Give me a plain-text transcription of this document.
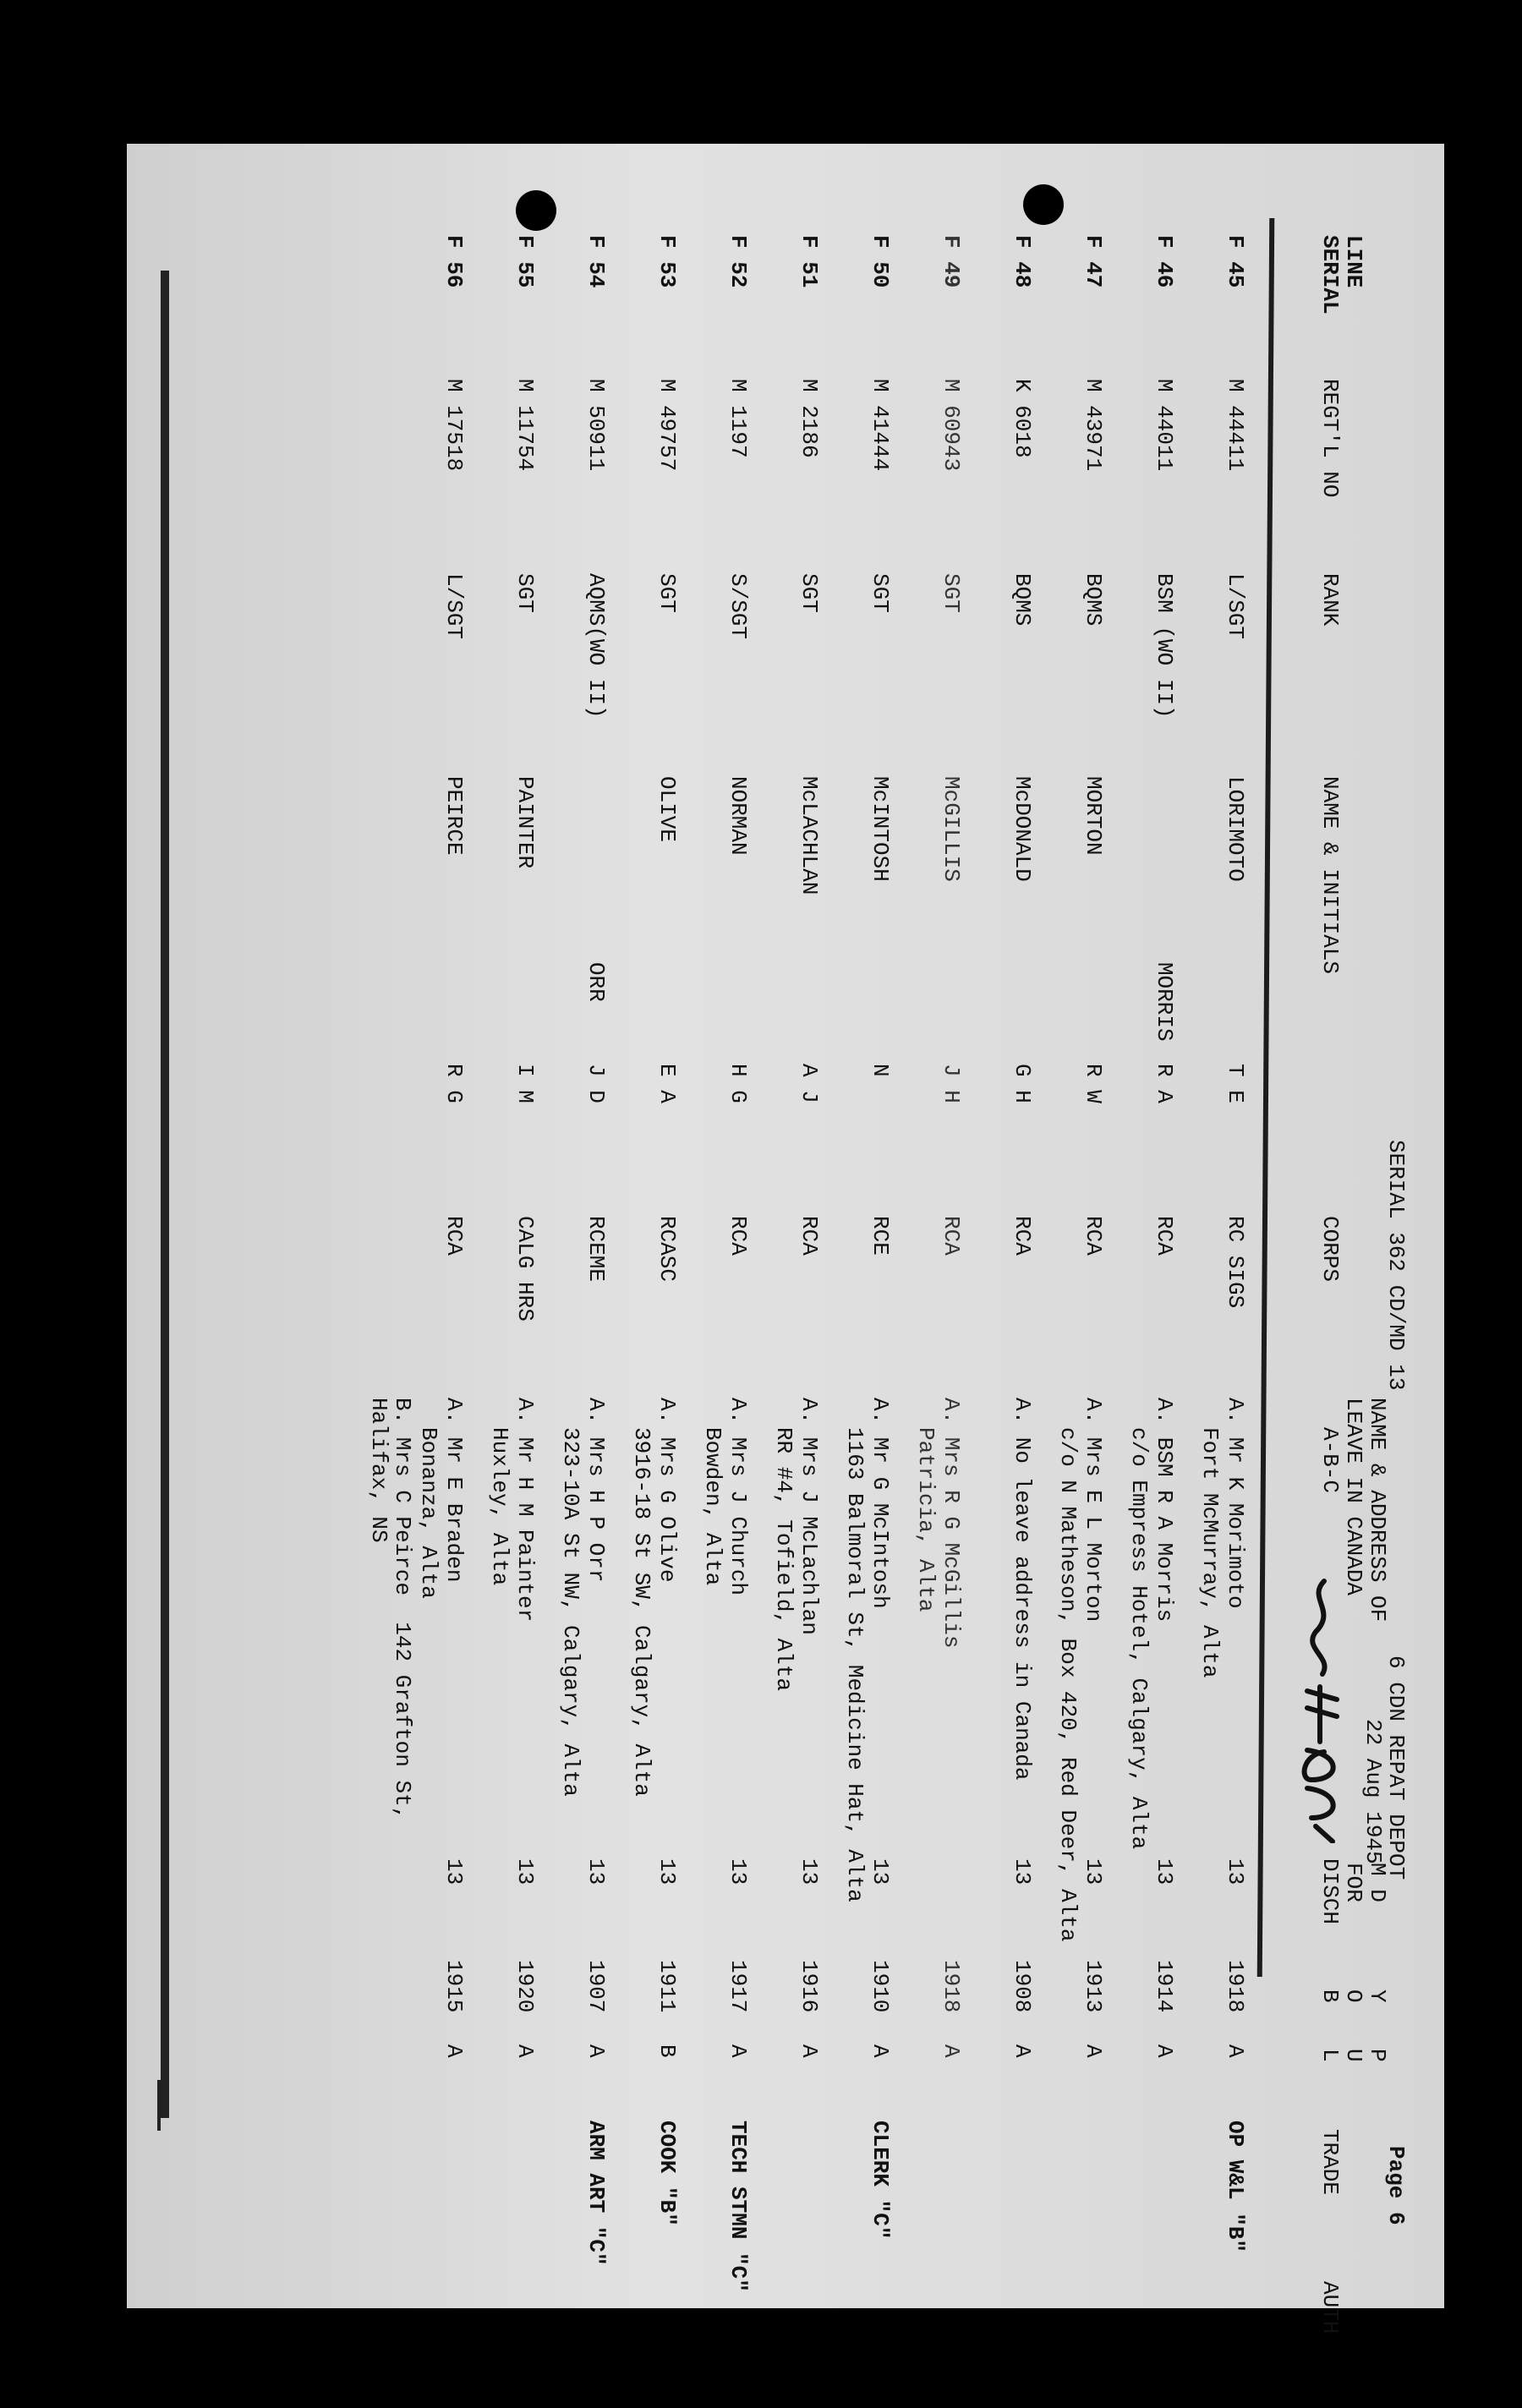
SERIAL 362 CD/MD 13
6 CDN REPAT DEPOT
22 Aug 1945
Page 6
LINE
SERIAL
REGT'L NO
RANK
NAME & INITIALS
CORPS
NAME & ADDRESS OF
LEAVE IN CANADA
A-B-C
M D
FOR
DISCH
Y
O
B
P
U
L
TRADE
AUTH
F 45
M 44411
L/SGT
LORIMOTO
T E
RC SIGS
A. Mr K Morimoto
Fort McMurray, Alta
13
1918
A
OP W&L "B"
F 46
M 44011
BSM (WO II)
MORRIS
R A
RCA
A. BSM R A Morris
c/o Empress Hotel, Calgary, Alta
13
1914
A
F 47
M 43971
BQMS
MORTON
R W
RCA
A. Mrs E L Morton
c/o N Matheson, Box 420, Red Deer, Alta 13
1913
A
F 48
K 6018
BQMS
McDONALD
G H
RCA
A. No leave address in Canada
13
1908
A
F 49
M 60943
SGT
McGILLIS
J H
RCA
A. Mrs R G McGillis
Patricia, Alta
1918
A
F 50
M 41444
SGT
McINTOSH
N
RCE
A. Mr G McIntosh
1163 Balmoral St, Medicine Hat, Alta 13
1910
A
CLERK "C"
F 51
M 2186
SGT
McLACHLAN
A J
RCA
A. Mrs J McLachlan
RR #4, Tofield, Alta
13
1916
A
F 52
M 1197
S/SGT
NORMAN
H G
RCA
A. Mrs J Church
Bowden, Alta
13
1917
A
TECH STMN "C"
F 53
M 49757
SGT
OLIVE
E A
RCASC
A. Mrs G Olive
3916-18 St SW, Calgary, Alta
13
1911
B
COOK "B"
F 54
M 50911
AQMS(WO II)
ORR
J D
RCEME
A. Mrs H P Orr
323-10A St NW, Calgary, Alta
13
1907
A
ARM ART "C"
F 55
M 11754
SGT
PAINTER
I M
CALG HRS
A. Mr H M Painter
Huxley, Alta
13
1920
A
F 56
M 17518
L/SGT
PEIRCE
R G
RCA
A. Mr E Braden
Bonanza, Alta
B. Mrs C Peirce  142 Grafton St, Halifax, NS
13
1915
A
